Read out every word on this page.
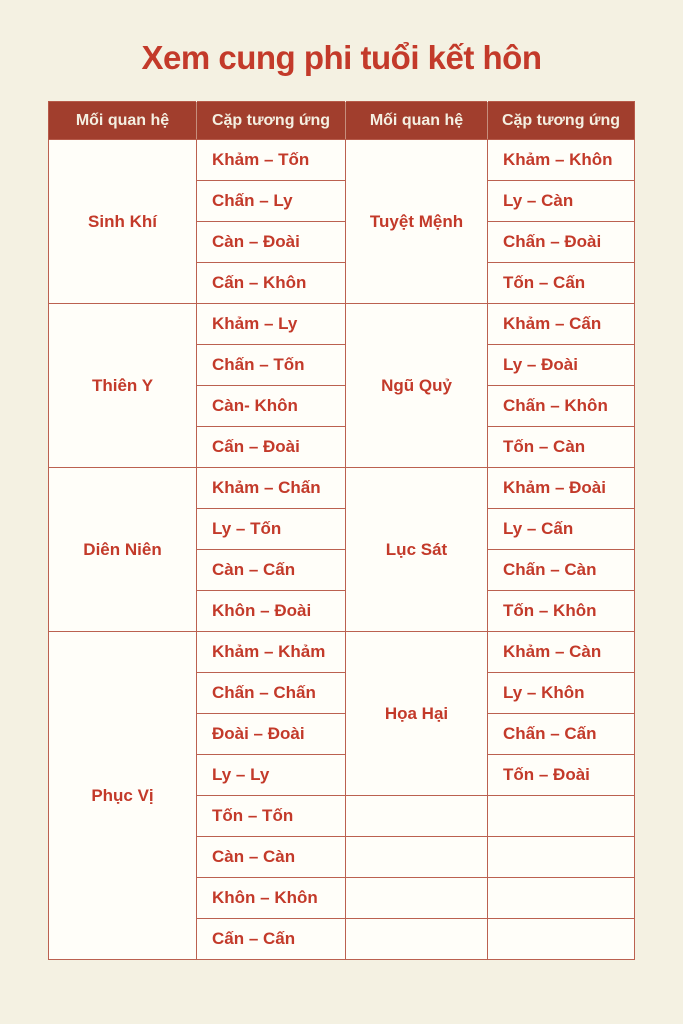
Xem cung phi tuổi kết hôn
Mối quan hệ	Cặp tương ứng	Mối quan hệ	Cặp tương ứng
Sinh Khí	Khảm – Tốn	Tuyệt Mệnh	Khảm – Khôn
	Chấn – Ly		Ly – Càn
	Càn – Đoài		Chấn – Đoài
	Cấn – Khôn		Tốn – Cấn
Thiên Y	Khảm – Ly	Ngũ Quỷ	Khảm – Cấn
	Chấn – Tốn		Ly – Đoài
	Càn- Khôn		Chấn – Khôn
	Cấn – Đoài		Tốn – Càn
Diên Niên	Khảm – Chấn	Lục Sát	Khảm – Đoài
	Ly – Tốn		Ly – Cấn
	Càn – Cấn		Chấn – Càn
	Khôn – Đoài		Tốn – Khôn
Phục Vị	Khảm – Khảm	Họa Hại	Khảm – Càn
	Chấn – Chấn		Ly – Khôn
	Đoài – Đoài		Chấn – Cấn
	Ly – Ly		Tốn – Đoài
	Tốn – Tốn		
	Càn – Càn		
	Khôn – Khôn		
	Cấn – Cấn		
